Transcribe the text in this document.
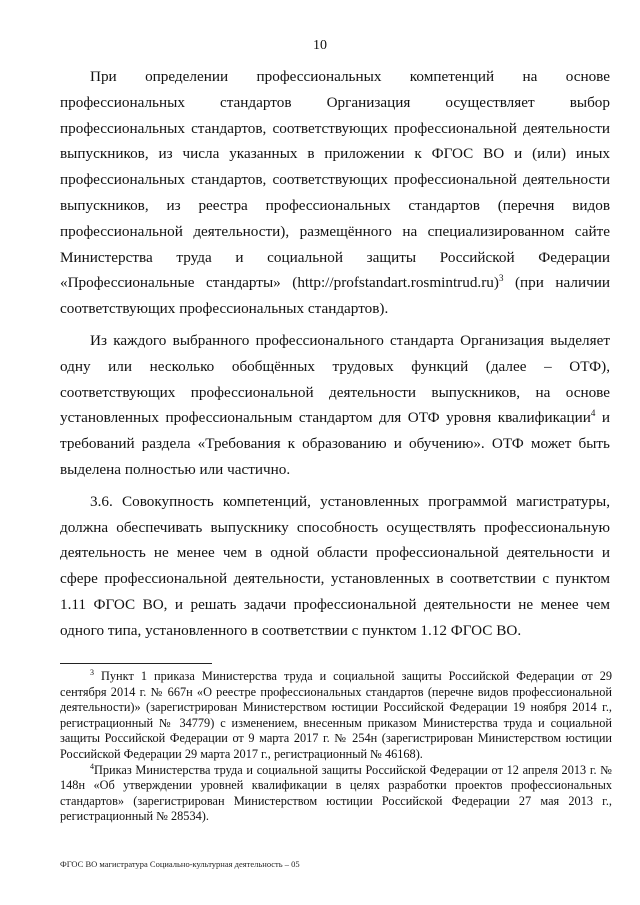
10

При определении профессиональных компетенций на основе профессиональных стандартов Организация осуществляет выбор профессиональных стандартов, соответствующих профессиональной деятельности выпускников, из числа указанных в приложении к ФГОС ВО и (или) иных профессиональных стандартов, соответствующих профессиональной деятельности выпускников, из реестра профессиональных стандартов (перечня видов профессиональной деятельности), размещённого на специализированном сайте Министерства труда и социальной защиты Российской Федерации «Профессиональные стандарты» (http://profstandart.rosmintrud.ru)$^3$ (при наличии соответствующих профессиональных стандартов).

Из каждого выбранного профессионального стандарта Организация выделяет одну или несколько обобщённых трудовых функций (далее – ОТФ), соответствующих профессиональной деятельности выпускников, на основе установленных профессиональным стандартом для ОТФ уровня квалификации$^4$ и требований раздела «Требования к образованию и обучению». ОТФ может быть выделена полностью или частично.

3.6. Совокупность компетенций, установленных программой магистратуры, должна обеспечивать выпускнику способность осуществлять профессиональную деятельность не менее чем в одной области профессиональной деятельности и сфере профессиональной деятельности, установленных в соответствии с пунктом 1.11 ФГОС ВО, и решать задачи профессиональной деятельности не менее чем одного типа, установленного в соответствии с пунктом 1.12 ФГОС ВО.

$^3$ Пункт 1 приказа Министерства труда и социальной защиты Российской Федерации от 29 сентября 2014 г. № 667н «О реестре профессиональных стандартов (перечне видов профессиональной деятельности)» (зарегистрирован Министерством юстиции Российской Федерации 19 ноября 2014 г., регистрационный № 34779) с изменением, внесенным приказом Министерства труда и социальной защиты Российской Федерации от 9 марта 2017 г. № 254н (зарегистрирован Министерством юстиции Российской Федерации 29 марта 2017 г., регистрационный № 46168).

$^4$Приказ Министерства труда и социальной защиты Российской Федерации от 12 апреля 2013 г. № 148н «Об утверждении уровней квалификации в целях разработки проектов профессиональных стандартов» (зарегистрирован Министерством юстиции Российской Федерации 27 мая 2013 г., регистрационный № 28534).

ФГОС ВО магистратура Социально-культурная деятельность – 05
